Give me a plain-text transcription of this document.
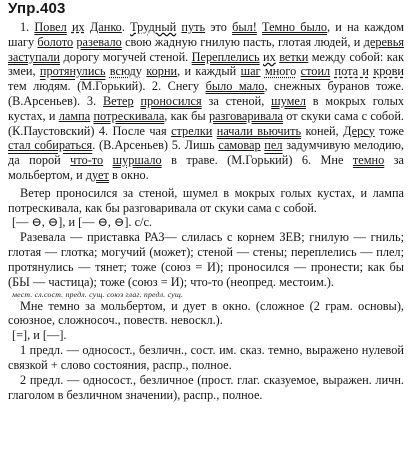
Упр.403

1. Повел их Данко. Трудный путь это был! Темно было, и на каждом шагу болото разевало свою жадную гнилую пасть, глотая людей, и деревья заступали дорогу могучей стеной. Переплелись их ветки между собой: как змеи, протянулись всюду корни, и каждый шаг много стоил пота и крови тем людям. (М.Горький). 2. Снегу было мало, снежных буранов тоже. (В.Арсеньев). 3. Ветер проносился за стеной, шумел в мокрых голых кустах, и лампа потрескивала, как бы разговаривала от скуки сама с собой. (К.Паустовский) 4. После чая стрелки начали вьючить коней, Дерсу тоже стал собираться. (В.Арсеньев) 5. Лишь самовар пел задумчивую мелодию, да порой что-то шуршало в траве. (М.Горький) 6. Мне темно за мольбертом, и дует в окно.

Ветер проносился за стеной, шумел в мокрых голых кустах, и лампа потрескивала, как бы разговаривала от скуки сама с собой.

[— ⊖, ⊖], и [— ⊖, ⊖]. с/с.

Разевала — приставка РАЗ— слилась с корнем ЗЕВ; гнилую — гниль; глотая — глотка; могучий (может); стеной — стены; переплелись — плел; протянулись — тянет; тоже (союз = И); проносился — пронести; как бы (БЫ — частица); тоже (союз = И); что-то (неопред. местоим.).

мест. сл.сост. предл. сущ. союз глаг. предл. сущ.

Мне темно за мольбертом, и дует в окно. (сложное (2 грам. основы), союзное, сложносоч., повеств. невоскл.).

[=], и [—].

1 предл. — односост., безличн., сост. им. сказ. темно, выражено нулевой связкой + слово состояния, распр., полное.

2 предл. — односост., безличное (прост. глаг. сказуемое, выражен. личн. глаголом в безличном значении), распр., полное.
